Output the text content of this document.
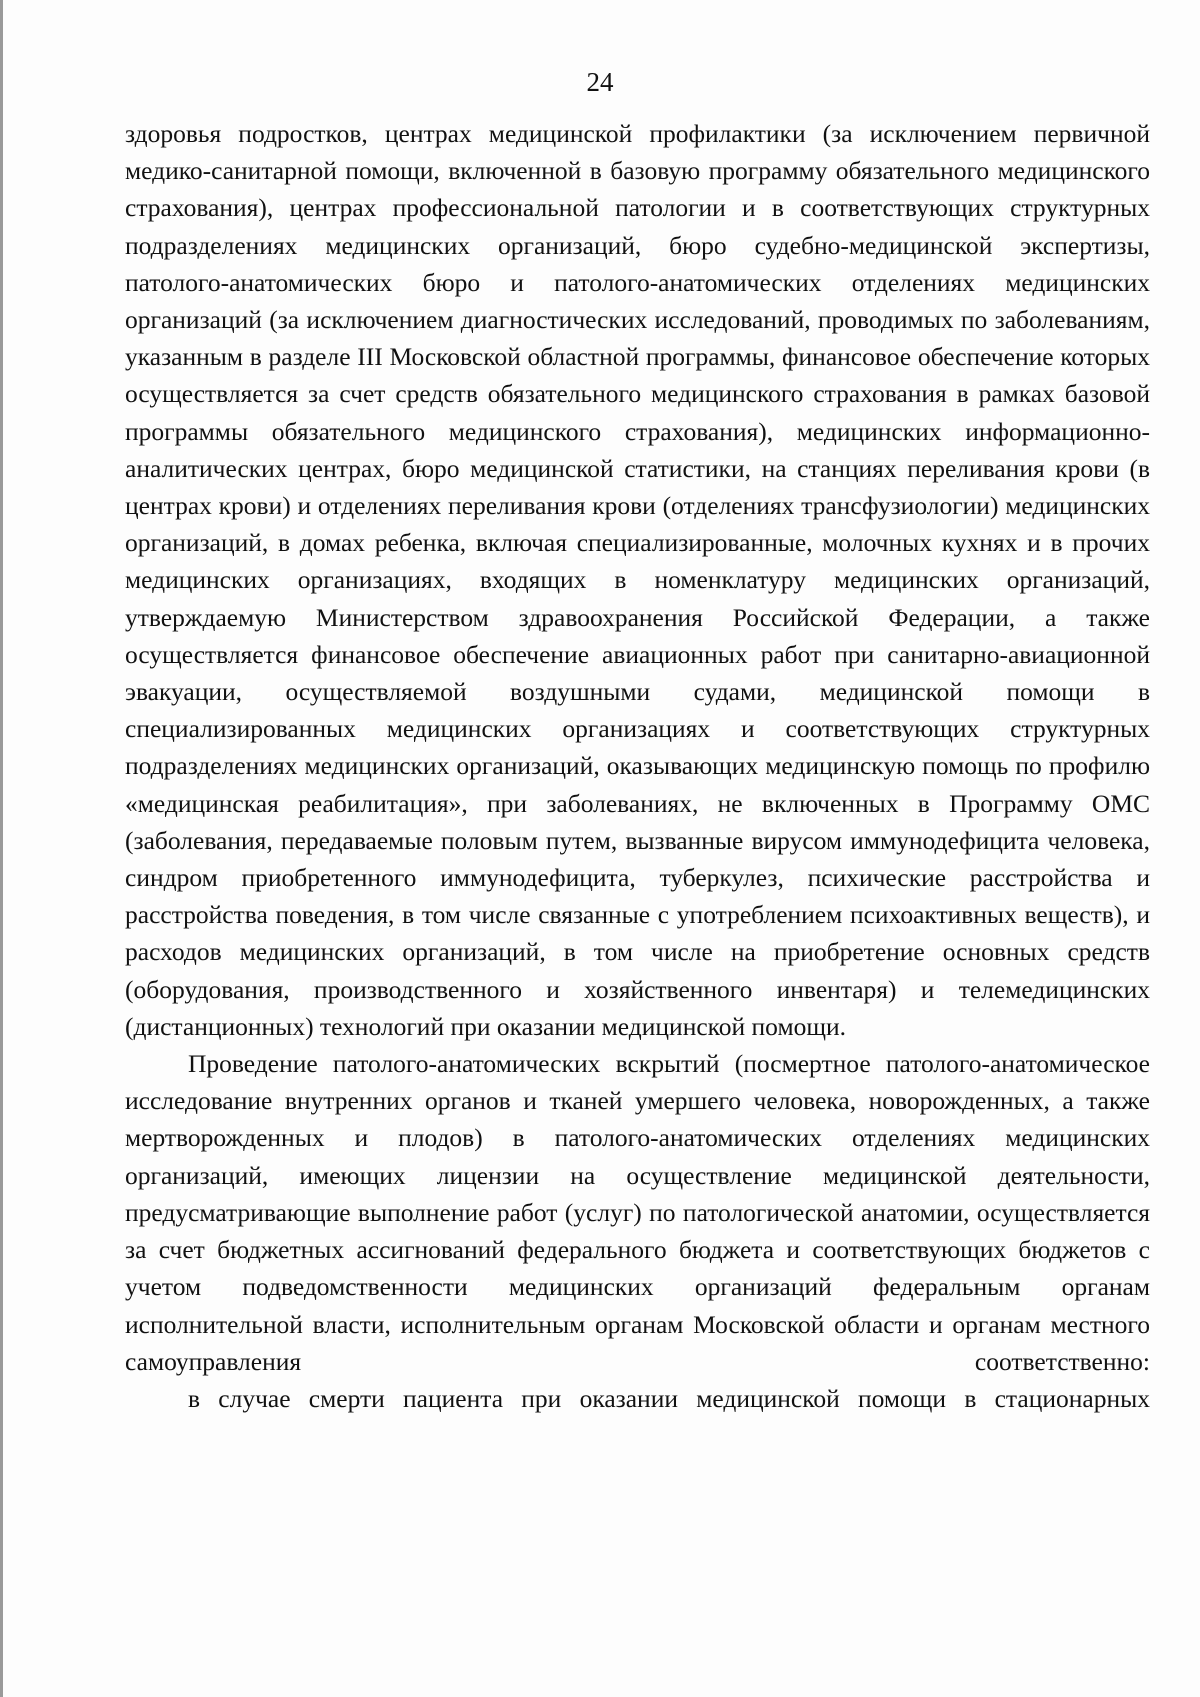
24

здоровья подростков, центрах медицинской профилактики (за исключением первичной медико-санитарной помощи, включенной в базовую программу обязательного медицинского страхования), центрах профессиональной патологии и в соответствующих структурных подразделениях медицинских организаций, бюро судебно-медицинской экспертизы, патолого-анатомических бюро и патолого-анатомических отделениях медицинских организаций (за исключением диагностических исследований, проводимых по заболеваниям, указанным в разделе III Московской областной программы, финансовое обеспечение которых осуществляется за счет средств обязательного медицинского страхования в рамках базовой программы обязательного медицинского страхования), медицинских информационно-аналитических центрах, бюро медицинской статистики, на станциях переливания крови (в центрах крови) и отделениях переливания крови (отделениях трансфузиологии) медицинских организаций, в домах ребенка, включая специализированные, молочных кухнях и в прочих медицинских организациях, входящих в номенклатуру медицинских организаций, утверждаемую Министерством здравоохранения Российской Федерации, а также осуществляется финансовое обеспечение авиационных работ при санитарно-авиационной эвакуации, осуществляемой воздушными судами, медицинской помощи в специализированных медицинских организациях и соответствующих структурных подразделениях медицинских организаций, оказывающих медицинскую помощь по профилю «медицинская реабилитация», при заболеваниях, не включенных в Программу ОМС (заболевания, передаваемые половым путем, вызванные вирусом иммунодефицита человека, синдром приобретенного иммунодефицита, туберкулез, психические расстройства и расстройства поведения, в том числе связанные с употреблением психоактивных веществ), и расходов медицинских организаций, в том числе на приобретение основных средств (оборудования, производственного и хозяйственного инвентаря) и телемедицинских (дистанционных) технологий при оказании медицинской помощи.

Проведение патолого-анатомических вскрытий (посмертное патолого-анатомическое исследование внутренних органов и тканей умершего человека, новорожденных, а также мертворожденных и плодов) в патолого-анатомических отделениях медицинских организаций, имеющих лицензии на осуществление медицинской деятельности, предусматривающие выполнение работ (услуг) по патологической анатомии, осуществляется за счет бюджетных ассигнований федерального бюджета и соответствующих бюджетов с учетом подведомственности медицинских организаций федеральным органам исполнительной власти, исполнительным органам Московской области и органам местного самоуправления соответственно:

в случае смерти пациента при оказании медицинской помощи в стационарных
